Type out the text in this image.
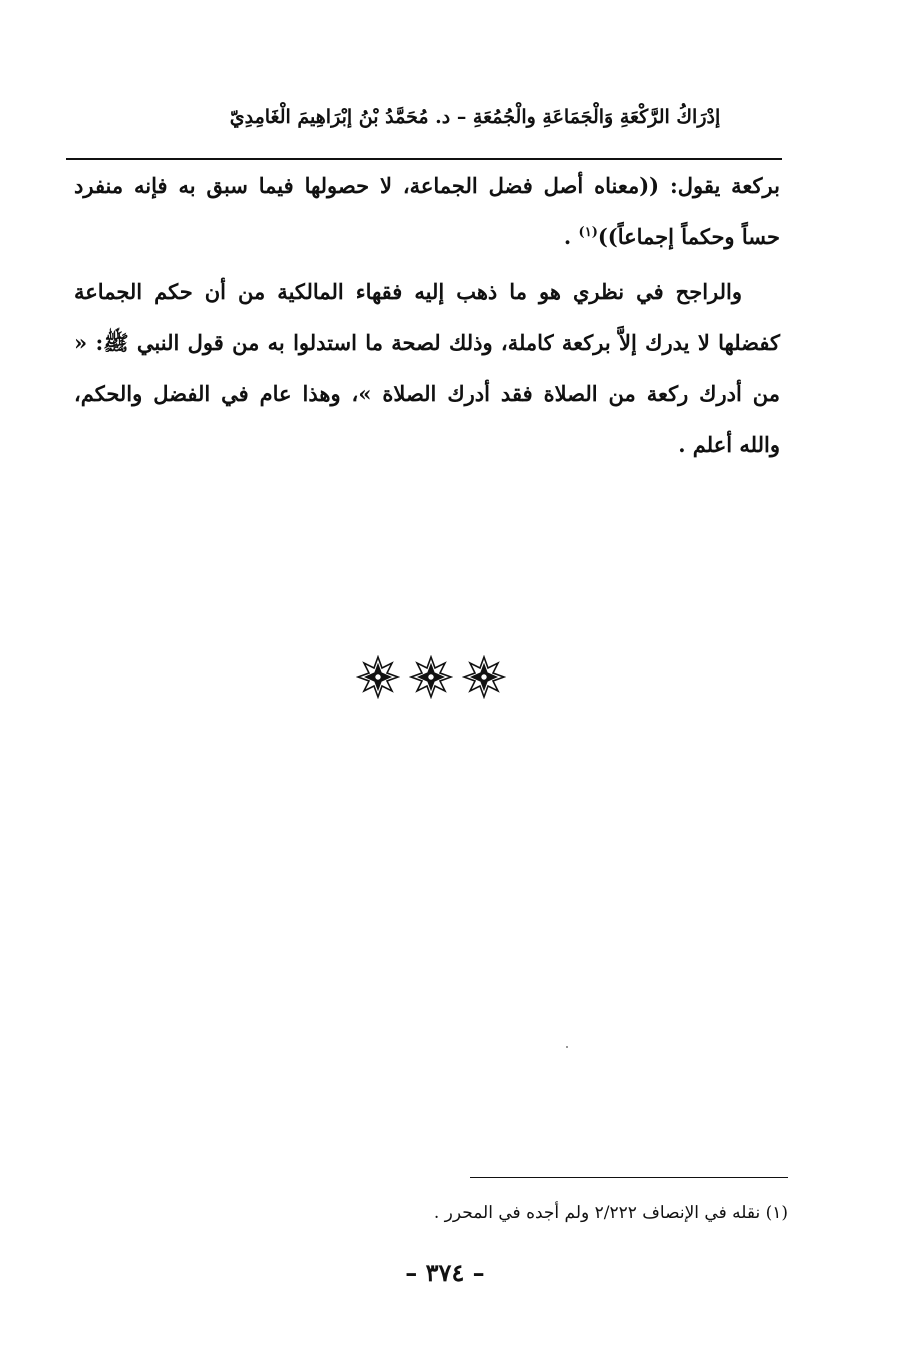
إدْرَاكُ الرَّكْعَةِ وَالْجَمَاعَةِ والْجُمُعَةِ – د. مُحَمَّدُ بْنُ إبْرَاهِيمَ الْغَامِدِيّ

بركعة يقول: ((معناه أصل فضل الجماعة، لا حصولها فيما سبق به فإنه منفرد حساً وحكماً إجماعاً))$^{(١)}$ .

والراجح في نظري هو ما ذهب إليه فقهاء المالكية من أن حكم الجماعة كفضلها لا يدرك إلاَّ بركعة كاملة، وذلك لصحة ما استدلوا به من قول النبي ﷺ: « من أدرك ركعة من الصلاة فقد أدرك الصلاة »، وهذا عام في الفضل والحكم، والله أعلم .

(١) نقله في الإنصاف ٢/٢٢٢ ولم أجده في المحرر .
– ٣٧٤ –
